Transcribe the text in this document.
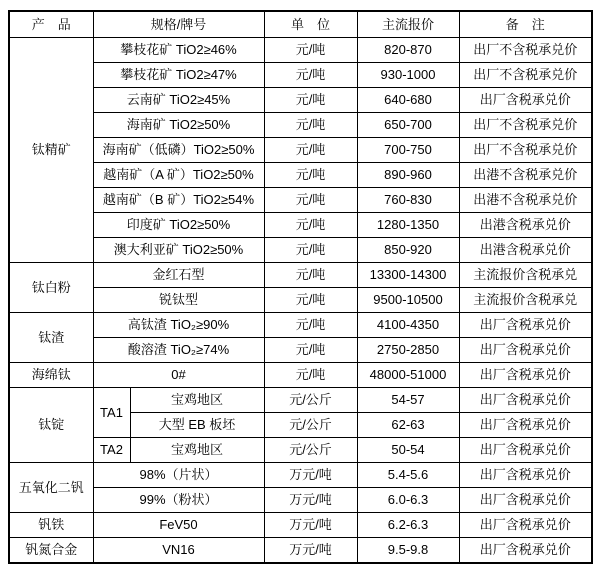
产　品	规格/牌号		单　位	主流报价	备　注
钛精矿	攀枝花矿 TiO2≥46%		元/吨	820-870	出厂不含税承兑价
	攀枝花矿 TiO2≥47%		元/吨	930-1000	出厂不含税承兑价
	云南矿 TiO2≥45%		元/吨	640-680	出厂含税承兑价
	海南矿 TiO2≥50%		元/吨	650-700	出厂不含税承兑价
	海南矿（低磷）TiO2≥50%		元/吨	700-750	出厂不含税承兑价
	越南矿（A 矿）TiO2≥50%		元/吨	890-960	出港不含税承兑价
	越南矿（B 矿）TiO2≥54%		元/吨	760-830	出港不含税承兑价
	印度矿 TiO2≥50%		元/吨	1280-1350	出港含税承兑价
	澳大利亚矿 TiO2≥50%		元/吨	850-920	出港含税承兑价
钛白粉	金红石型		元/吨	13300-14300	主流报价含税承兑
	锐钛型		元/吨	9500-10500	主流报价含税承兑
钛渣	高钛渣 TiO₂≥90%		元/吨	4100-4350	出厂含税承兑价
	酸溶渣 TiO₂≥74%		元/吨	2750-2850	出厂含税承兑价
海绵钛	0#		元/吨	48000-51000	出厂含税承兑价
钛锭	TA1	宝鸡地区	元/公斤	54-57	出厂含税承兑价
		大型 EB 板坯	元/公斤	62-63	出厂含税承兑价
	TA2	宝鸡地区	元/公斤	50-54	出厂含税承兑价
五氧化二钒	98%（片状）		万元/吨	5.4-5.6	出厂含税承兑价
	99%（粉状）		万元/吨	6.0-6.3	出厂含税承兑价
钒铁	FeV50		万元/吨	6.2-6.3	出厂含税承兑价
钒氮合金	VN16		万元/吨	9.5-9.8	出厂含税承兑价
